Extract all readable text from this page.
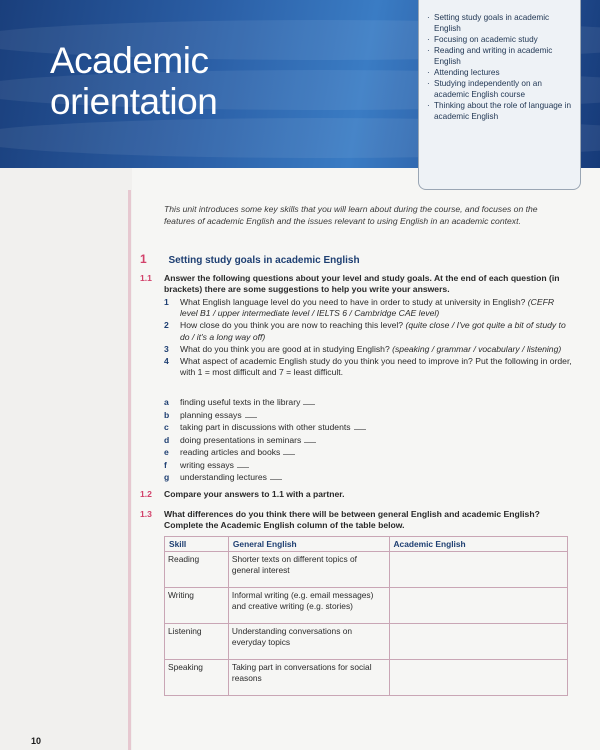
Academic
orientation
· Setting study goals in academic English
· Focusing on academic study
· Reading and writing in academic English
· Attending lectures
· Studying independently on an academic English course
· Thinking about the role of language in academic English

This unit introduces some key skills that you will learn about during the course, and focuses on the features of academic English and the issues relevant to using English in an academic context.

1 Setting study goals in academic English
1.1 Answer the following questions about your level and study goals. At the end of each question (in brackets) there are some suggestions to help you write your answers.
1 What English language level do you need to have in order to study at university in English? (CEFR level B1 / upper intermediate level / IELTS 6 / Cambridge CAE level)
2 How close do you think you are now to reaching this level? (quite close / I've got quite a bit of study to do / it's a long way off)
3 What do you think you are good at in studying English? (speaking / grammar / vocabulary / listening)
4 What aspect of academic English study do you think you need to improve in? Put the following in order, with 1 = most difficult and 7 = least difficult.
a finding useful texts in the library
b planning essays
c taking part in discussions with other students
d doing presentations in seminars
e reading articles and books
f writing essays
g understanding lectures
1.2 Compare your answers to 1.1 with a partner.
1.3 What differences do you think there will be between general English and academic English? Complete the Academic English column of the table below.
Skill	General English	Academic English
Reading	Shorter texts on different topics of general interest	
Writing	Informal writing (e.g. email messages) and creative writing (e.g. stories)	
Listening	Understanding conversations on everyday topics	
Speaking	Taking part in conversations for social reasons	
10
